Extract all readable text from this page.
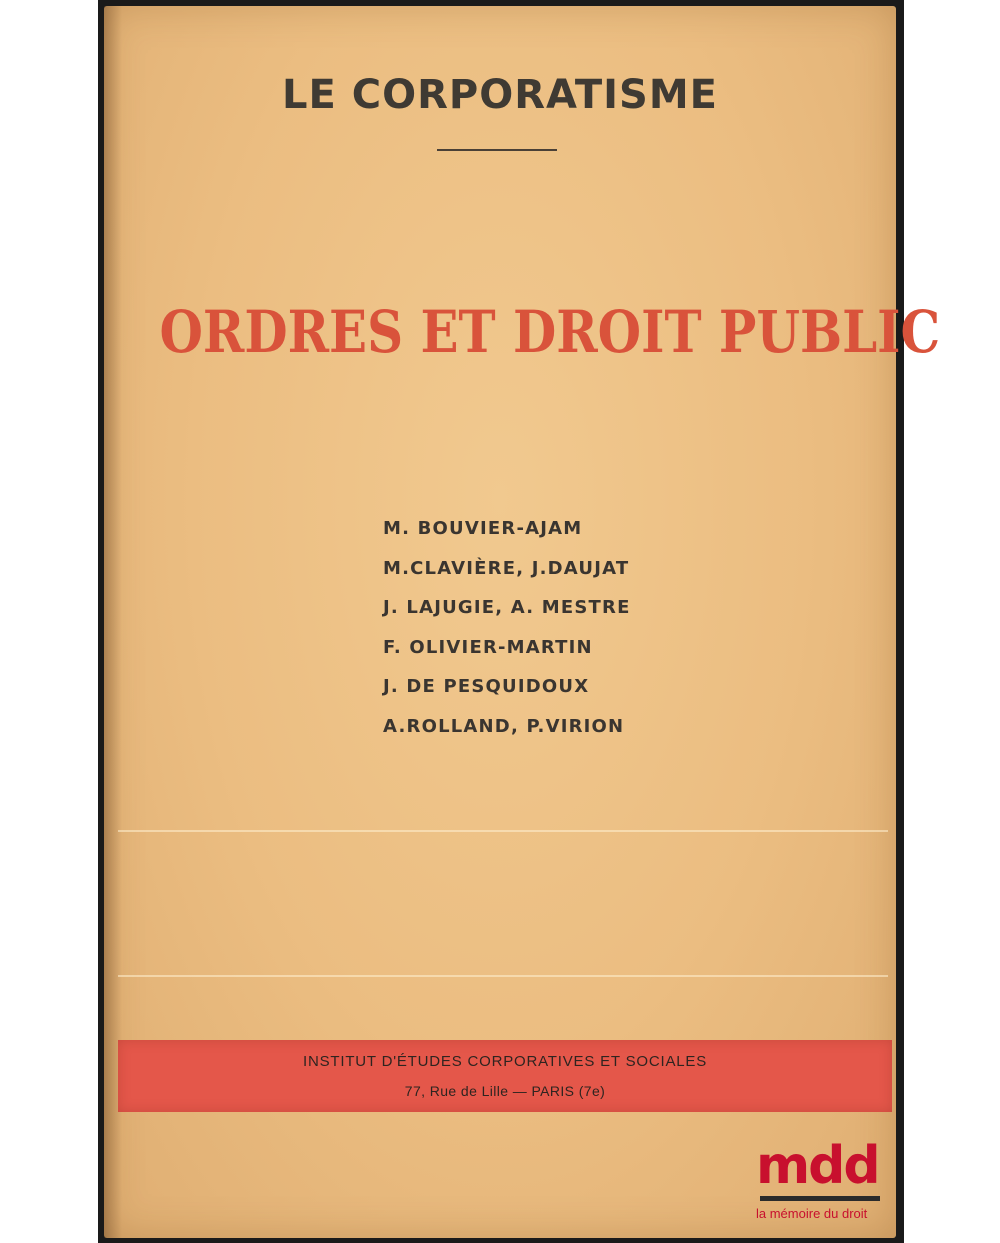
LE CORPORATISME
ORDRES ET DROIT PUBLIC
M. BOUVIER-AJAM
M.CLAVIÈRE, J.DAUJAT
J. LAJUGIE, A. MESTRE
F. OLIVIER-MARTIN
J. DE PESQUIDOUX
A.ROLLAND, P.VIRION
INSTITUT D'ÉTUDES CORPORATIVES ET SOCIALES
77, Rue de Lille — PARIS (7e)
mdd
la mémoire du droit
